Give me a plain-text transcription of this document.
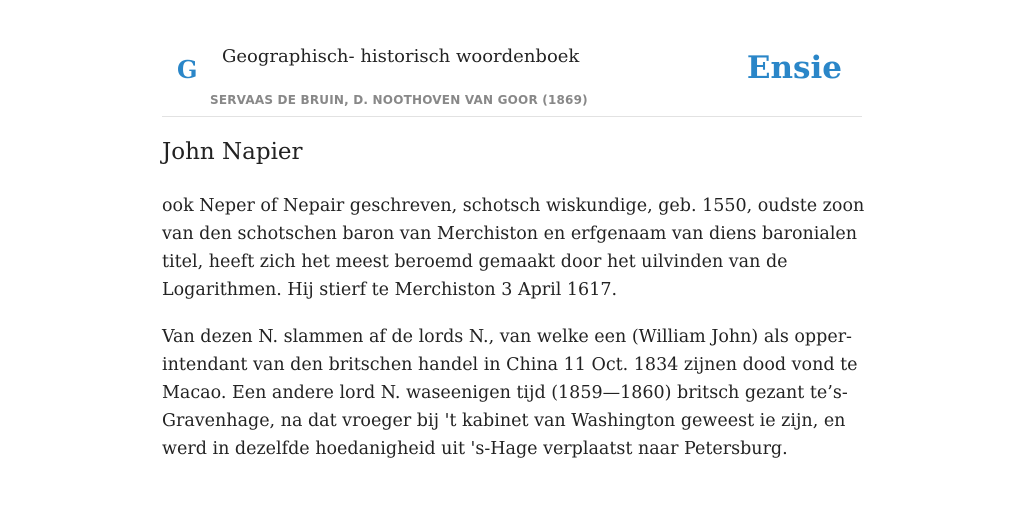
G Geographisch- historisch woordenboek
SERVAAS DE BRUIN, D. NOOTHOVEN VAN GOOR (1869)
Ensie
John Napier

ook Neper of Nepair geschreven, schotsch wiskundige, geb. 1550, oudste zoon van den schotschen baron van Merchiston en erfgenaam van diens baronialen titel, heeft zich het meest beroemd gemaakt door het uilvinden van de Logarithmen. Hij stierf te Merchiston 3 April 1617.

Van dezen N. slammen af de lords N., van welke een (William John) als opper-intendant van den britschen handel in China 11 Oct. 1834 zijnen dood vond te Macao. Een andere lord N. waseenigen tijd (1859—1860) britsch gezant te’s-Gravenhage, na dat vroeger bij 't kabinet van Washington geweest ie zijn, en werd in dezelfde hoedanigheid uit 's-Hage verplaatst naar Petersburg.
